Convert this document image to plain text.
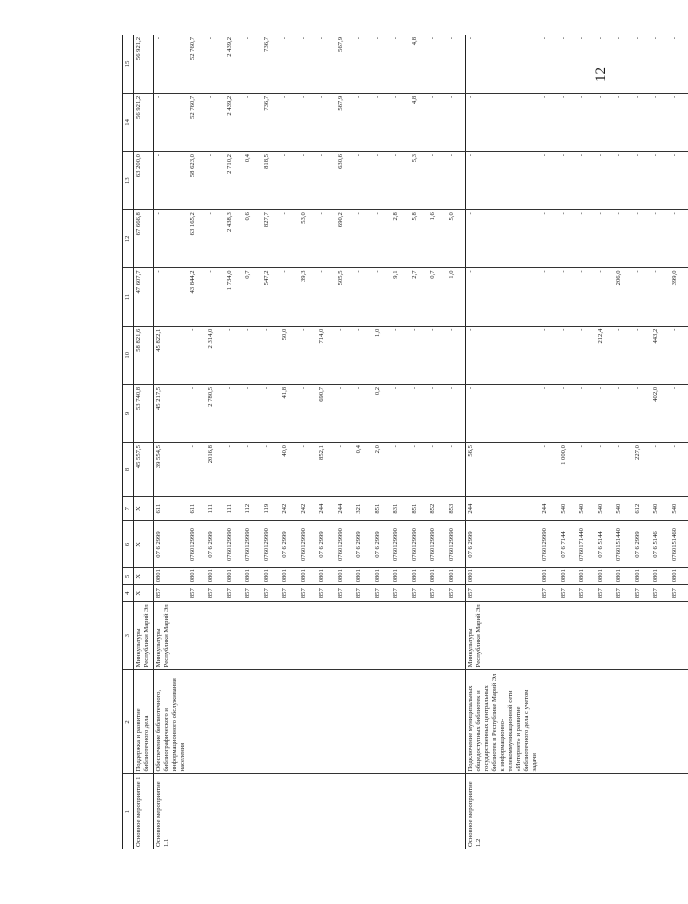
12
1	2	3	4	5	6	7	8	9	10	11	12	13	14	15
Основное мероприятие 1	Поддержка и развитие библиотечного дела	Минкультуры Республики Марий Эл	X	X	X	X	45 557,5	53 740,8	58 821,6	47 607,7	67 666,8	63 200,0	56 921,2	56 921,2
Основное мероприятие 1.1	Обеспечение библиотечного, библиографического и информационного обслуживания населения	Минкультуры Республики Марий Эл	857	0801	07 6 2999	611	39 554,5	45 217,5	45 822,1	-	-	-	-	-
			857	0801	0760129990	611	-	-	-	43 844,2	63 165,2	58 623,0	52 760,7	52 760,7
			857	0801	07 6 2999	111	2016,8	2 780,5	2 314,0	-	-	-	-	-
			857	0801	0760129990	111	-	-	-	1 734,0	2 438,3	2 710,2	2 439,2	2 439,2
			857	0801	0760129990	112	-	-	-	0,7	0,6	0,4	-	-
			857	0801	0760129990	119	-	-	-	547,2	827,7	818,5	736,7	736,7
			857	0801	07 6 2999	242	40,0	41,8	50,0	-	-	-	-	-
			857	0801	0760129990	242	-	-	-	39,3	53,0	-	-	-
			857	0801	07 6 2999	244	852,1	690,7	714,0	-	-	-	-	-
			857	0801	0760129990	244	-	-	-	505,5	690,2	630,6	567,9	567,9
			857	0801	07 6 2999	321	0,4	-	-	-	-	-	-	-
			857	0801	07 6 2999	851	2,0	0,2	1,0	-	-	-	-	-
			857	0801	0760129990	831	-	-	-	9,1	2,8	-	-	-
			857	0801	0760129990	851	-	-	-	2,7	5,8	5,3	4,8	4,8
			857	0801	0760129990	852	-	-	-	0,7	1,6	-	-	-
			857	0801	0760129990	853	-	-	-	1,0	5,0	-	-	-
Основное мероприятие 1.2	Подключение муниципальных общедоступных библиотек и государственных центральных библиотек в Республике Марий Эл к информационно-телекоммуникационной сети «Интернет» и развитие библиотечного дела с учетом задачи	Минкультуры Республики Марий Эл	857	0801	07 6 2999	244	56,5	-	-	-	-	-	-	-
			857	0801	0760129990	244	-	-	-	-	-	-	-	-
			857	0801	07 6 7144	540	1 000,0	-	-	-	-	-	-	-
			857	0801	0760171440	540	-	-	-	-	-	-	-	-
			857	0801	07 6 5144	540	-	-	212,4	-	-	-	-	-
			857	0801	0760151440	540	-	-	-	206,0	-	-	-	-
			857	0801	07 6 2999	612	227,0	-	-	-	-	-	-	-
			857	0801	07 6 5146	540	-	402,0	443,2	-	-	-	-	-
			857	0801	0760151460	540	-	-	-	399,0	-	-	-	-
